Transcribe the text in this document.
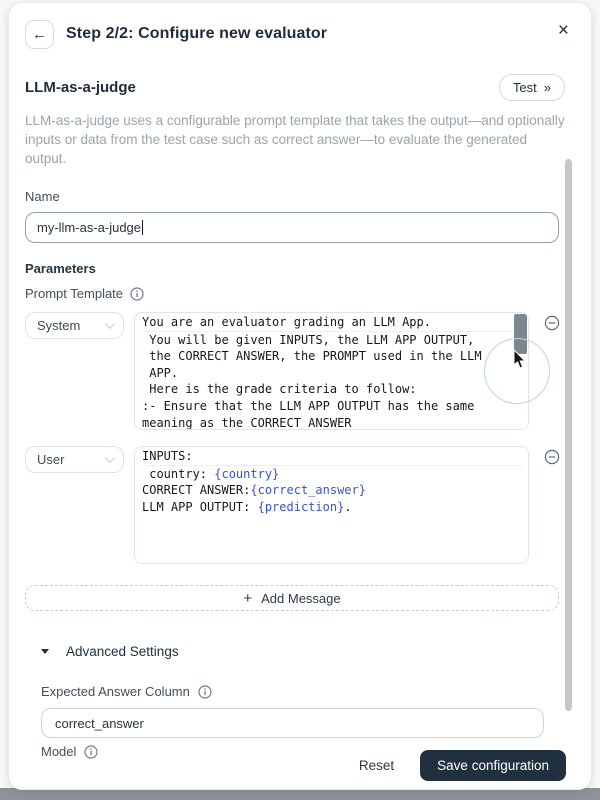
← Step 2/2: Configure new evaluator	×
LLM-as-a-judge	Test »
LLM-as-a-judge uses a configurable prompt template that takes the output—and optionally inputs or data from the test case such as correct answer—to evaluate the generated output.
Name
my-llm-as-a-judge
Parameters
Prompt Template
System	You are an evaluator grading an LLM App.
You will be given INPUTS, the LLM APP OUTPUT,
the CORRECT ANSWER, the PROMPT used in the LLM
APP.
Here is the grade criteria to follow:
:- Ensure that the LLM APP OUTPUT has the same
meaning as the CORRECT ANSWER
User	INPUTS:
country: {country}
CORRECT ANSWER:{correct_answer}
LLM APP OUTPUT: {prediction}.
+ Add Message
Advanced Settings
Expected Answer Column
correct_answer
Model
Reset	Save configuration
